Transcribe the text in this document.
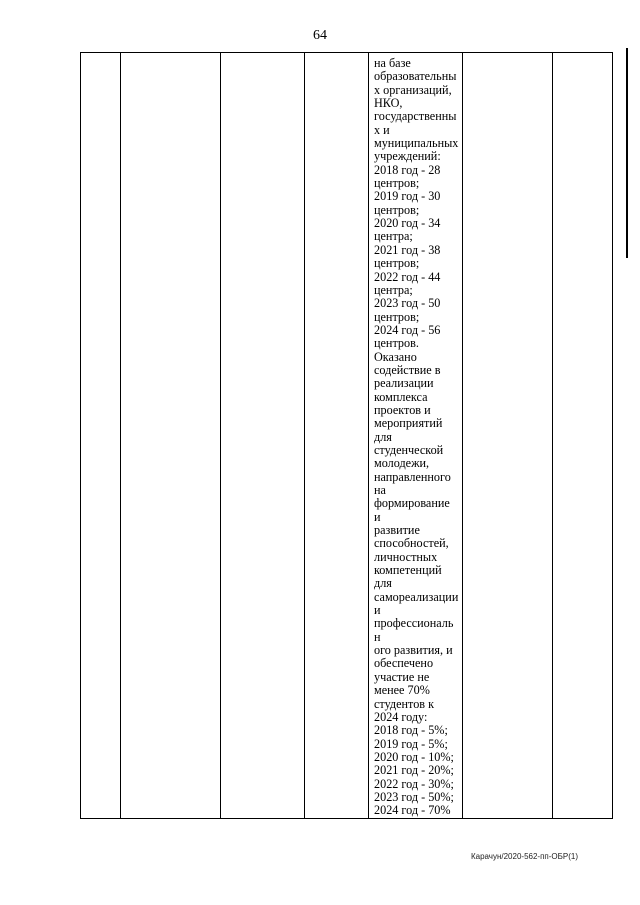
64

на базе
образовательны
х организаций,
НКО,
государственны
х и
муниципальных
учреждений:
2018 год - 28
центров;
2019 год - 30
центров;
2020 год - 34
центра;
2021 год - 38
центров;
2022 год - 44
центра;
2023 год - 50
центров;
2024 год - 56
центров.
Оказано
содействие в
реализации
комплекса
проектов и
мероприятий
для
студенческой
молодежи,
направленного
на
формирование и
развитие
способностей,
личностных
компетенций
для
самореализации
и
профессиональн
ого развития, и
обеспечено
участие не
менее 70%
студентов к
2024 году:
2018 год - 5%;
2019 год - 5%;
2020 год - 10%;
2021 год - 20%;
2022 год - 30%;
2023 год - 50%;
2024 год - 70%

Карачун/2020-562-пп-ОБР(1)
